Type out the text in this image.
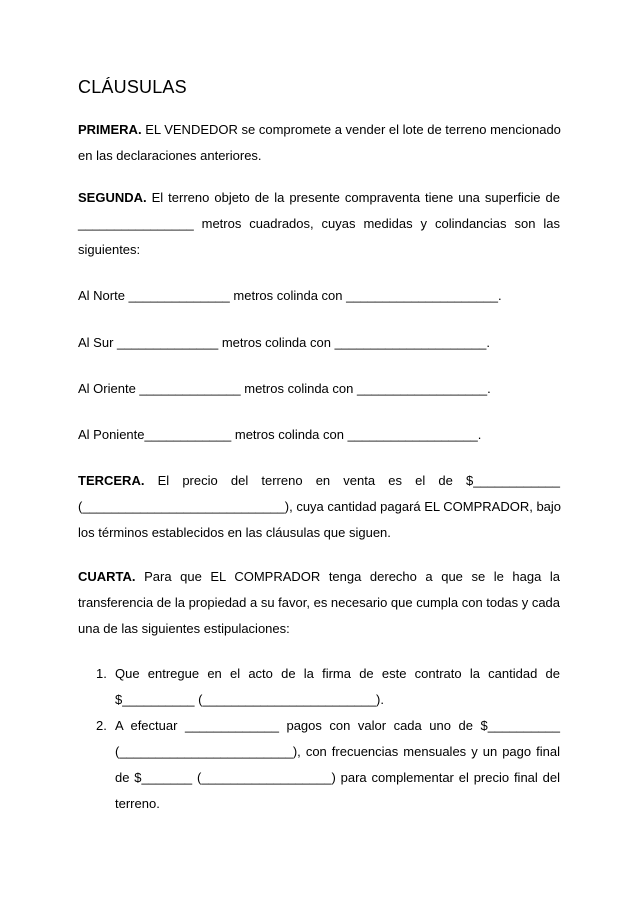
CLÁUSULAS
PRIMERA. EL VENDEDOR se compromete a vender el lote de terreno mencionado
en las declaraciones anteriores.
SEGUNDA. El terreno objeto de la presente compraventa tiene una superficie de
________________ metros cuadrados, cuyas medidas y colindancias son las
siguientes:
Al Norte ______________ metros colinda con _____________________.
Al Sur ______________ metros colinda con _____________________.
Al Oriente ______________ metros colinda con __________________.
Al Poniente____________ metros colinda con __________________.
TERCERA. El precio del terreno en venta es el de $____________
(____________________________), cuya cantidad pagará EL COMPRADOR, bajo
los términos establecidos en las cláusulas que siguen.
CUARTA. Para que EL COMPRADOR tenga derecho a que se le haga la
transferencia de la propiedad a su favor, es necesario que cumpla con todas y cada
una de las siguientes estipulaciones:
1. Que entregue en el acto de la firma de este contrato la cantidad de
$__________ (________________________).
2. A efectuar _____________ pagos con valor cada uno de $__________
(________________________), con frecuencias mensuales y un pago final
de $_______ (__________________) para complementar el precio final del
terreno.
